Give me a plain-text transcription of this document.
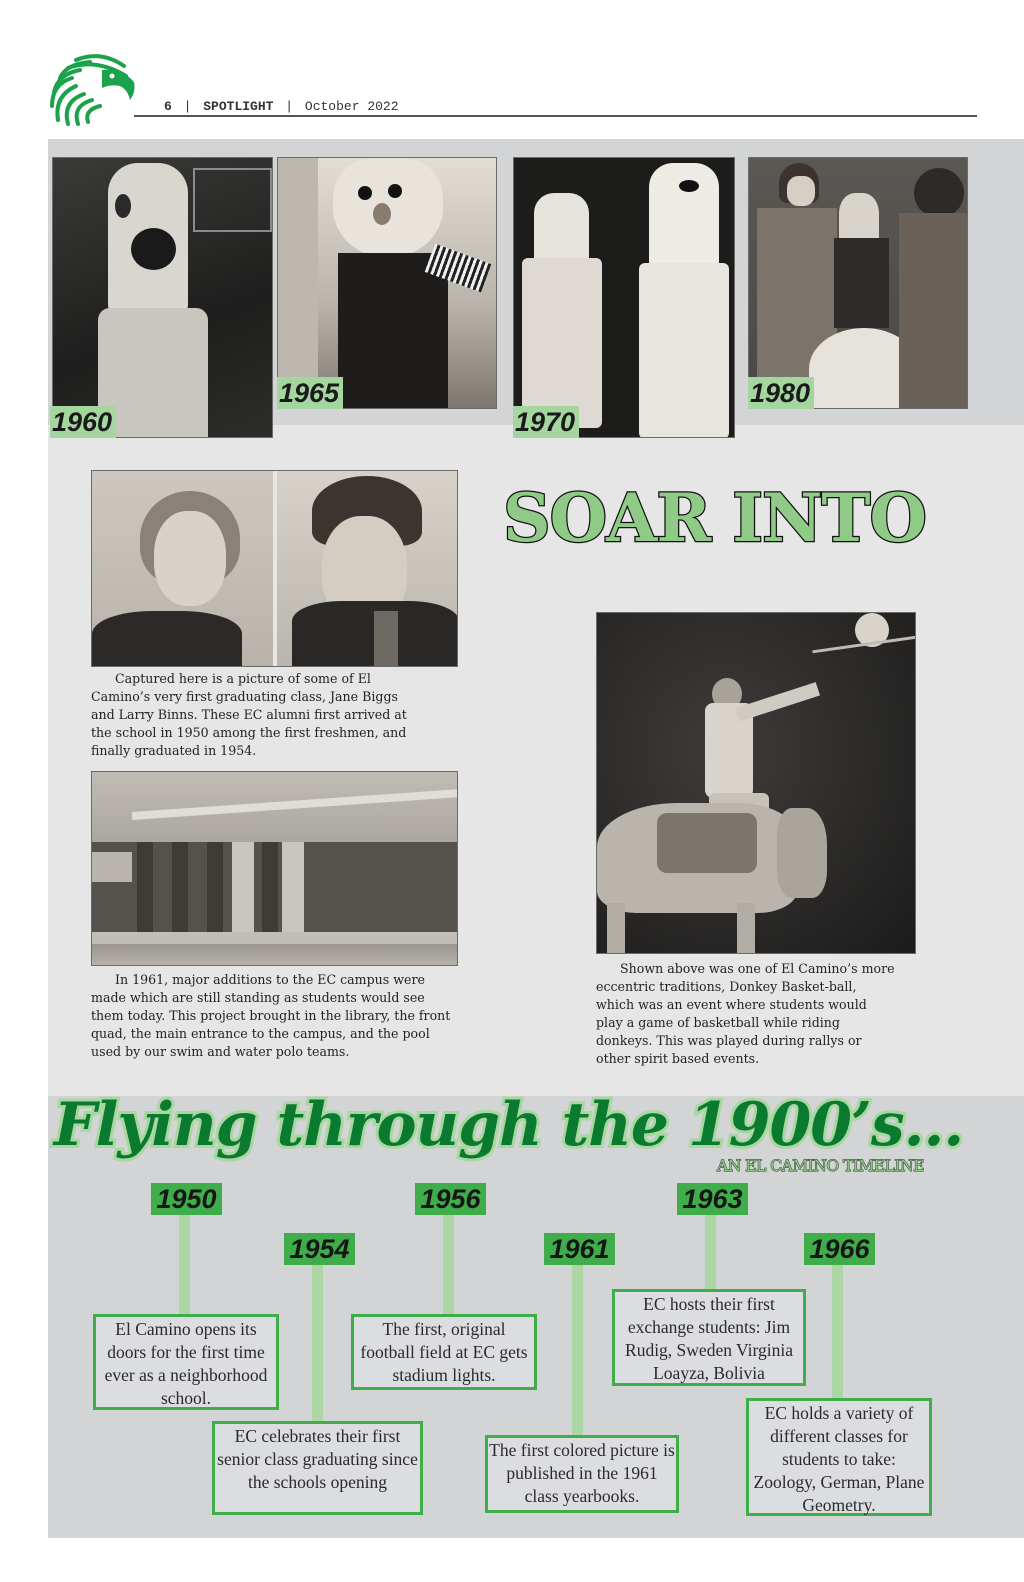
6 | SPOTLIGHT | October 2022
1960
1965
1970
1980
Captured here is a picture of some of El Camino’s very first graduating class, Jane Biggs and Larry Binns. These EC alumni first arrived at the school in 1950 among the first freshmen, and finally graduated in 1954.
In 1961, major additions to the EC campus were made which are still standing as students would see them today. This project brought in the library, the front quad, the main entrance to the campus, and the pool used by our swim and water polo teams.
SOAR INTO
Shown above was one of El Camino’s more eccentric traditions, Donkey Basket-ball, which was an event where students would play a game of basketball while riding donkeys. This was played during rallys or other spirit based events.
Flying through the 1900’s...
AN EL CAMINO TIMELINE
1950
El Camino opens its doors for the first time ever as a neighborhood school.
1954
EC celebrates their first senior class graduating since the schools opening
1956
The first, original football field at EC gets stadium lights.
1961
The first colored picture is published in the 1961 class yearbooks.
1963
EC hosts their first exchange students: Jim Rudig, Sweden Virginia Loayza, Bolivia
1966
EC holds a variety of different classes for students to take: Zoology, German, Plane Geometry.
